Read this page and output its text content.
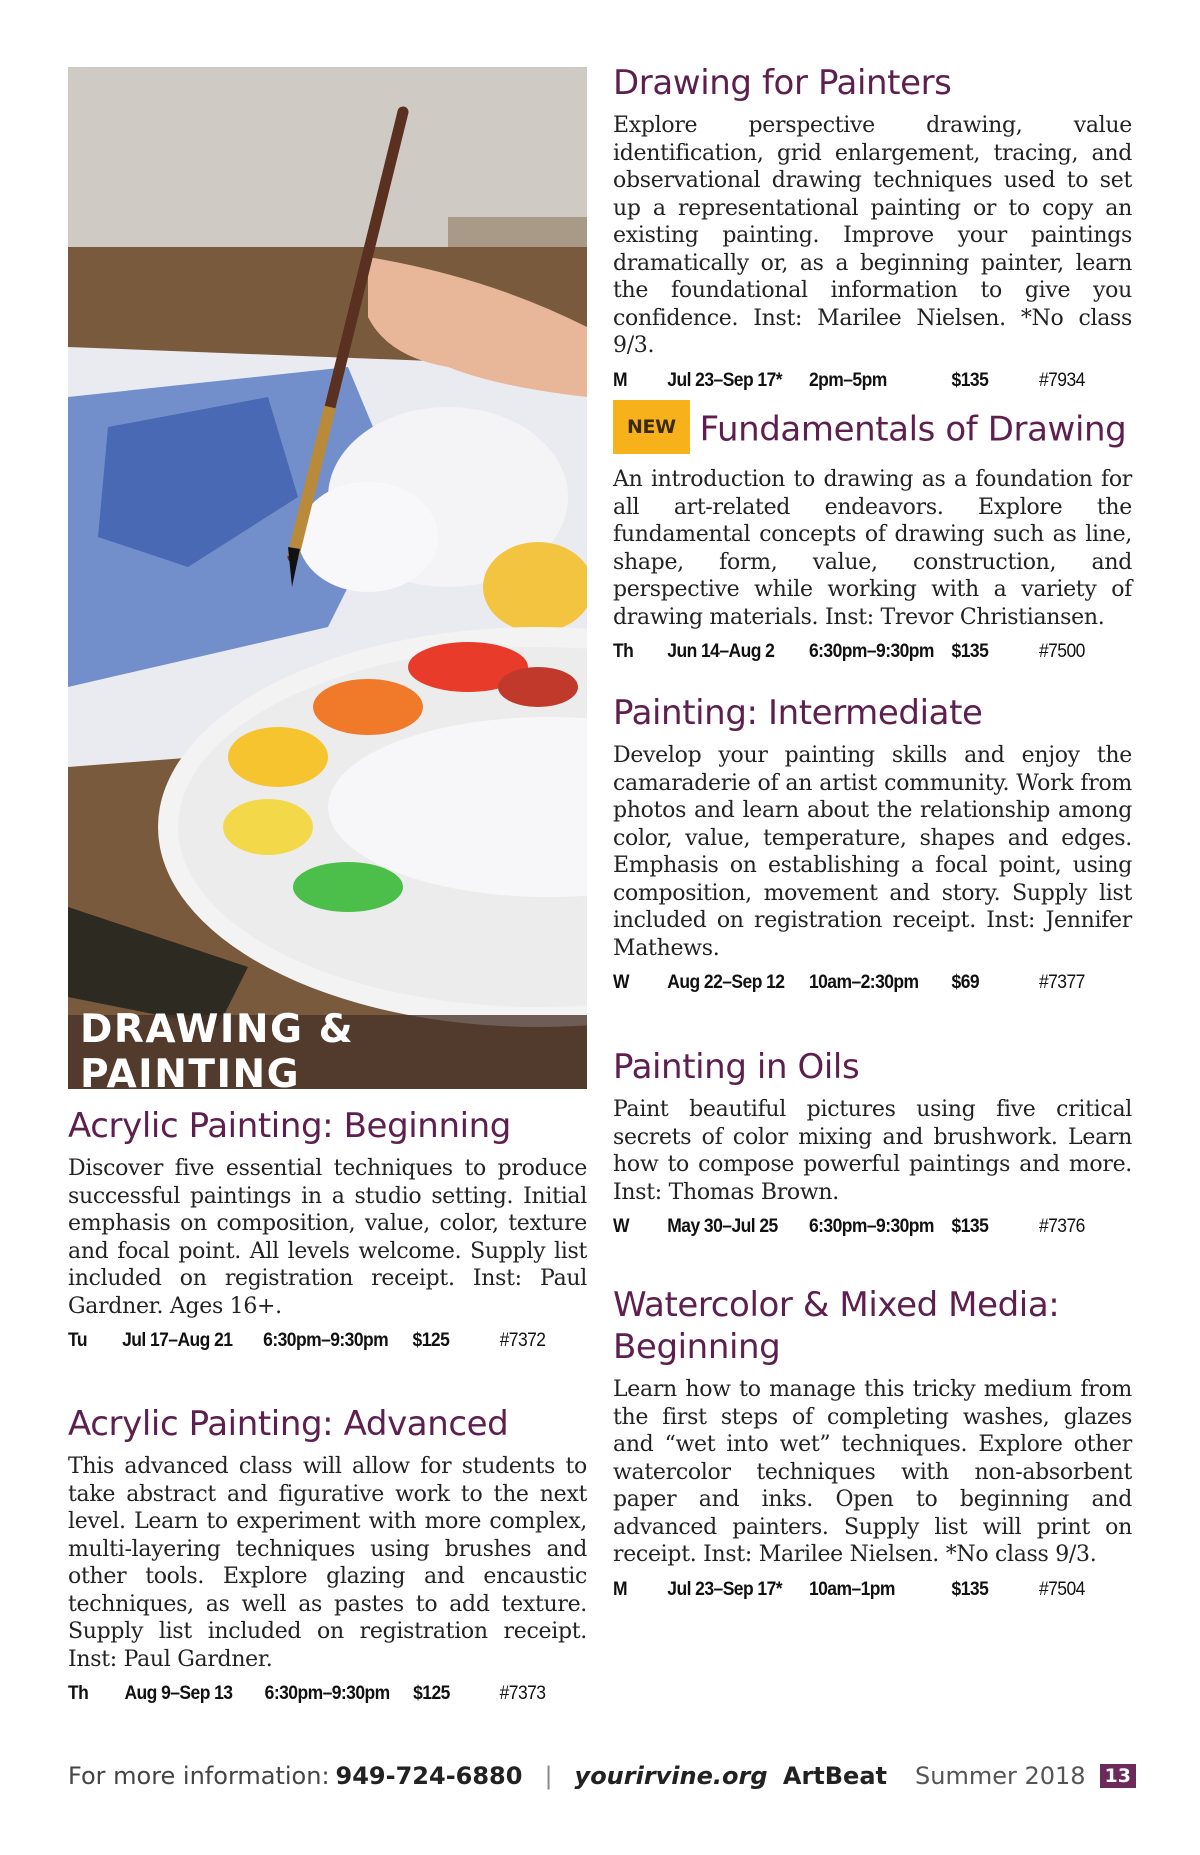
DRAWING & PAINTING
Acrylic Painting: Beginning

Discover five essential techniques to produce successful paintings in a studio setting. Initial emphasis on composition, value, color, texture and focal point. All levels welcome. Supply list included on registration receipt. Inst: Paul Gardner. Ages 16+.

Tu	Jul 17–Aug 21	6:30pm–9:30pm	$125	#7372
Acrylic Painting: Advanced

This advanced class will allow for students to take abstract and figurative work to the next level. Learn to experiment with more complex, multi-layering techniques using brushes and other tools. Explore glazing and encaustic techniques, as well as pastes to add texture. Supply list included on registration receipt. Inst: Paul Gardner.

Th	Aug 9–Sep 13	6:30pm–9:30pm	$125	#7373
Drawing for Painters

Explore perspective drawing, value identification, grid enlargement, tracing, and observational drawing techniques used to set up a representational painting or to copy an existing painting. Improve your paintings dramatically or, as a beginning painter, learn the foundational information to give you confidence. Inst: Marilee Nielsen. *No class 9/3.

M	Jul 23–Sep 17*	2pm–5pm	$135	#7934
NEW Fundamentals of Drawing

An introduction to drawing as a foundation for all art-related endeavors. Explore the fundamental concepts of drawing such as line, shape, form, value, construction, and perspective while working with a variety of drawing materials. Inst: Trevor Christiansen.

Th	Jun 14–Aug 2	6:30pm–9:30pm $135	#7500
Painting: Intermediate

Develop your painting skills and enjoy the camaraderie of an artist community. Work from photos and learn about the relationship among color, value, temperature, shapes and edges. Emphasis on establishing a focal point, using composition, movement and story. Supply list included on registration receipt. Inst: Jennifer Mathews.

W	Aug 22–Sep 12	10am–2:30pm	$69	#7377
Painting in Oils

Paint beautiful pictures using five critical secrets of color mixing and brushwork. Learn how to compose powerful paintings and more. Inst: Thomas Brown.

W	May 30–Jul 25	6:30pm–9:30pm $135	#7376
Watercolor & Mixed Media: Beginning

Learn how to manage this tricky medium from the first steps of completing washes, glazes and “wet into wet” techniques. Explore other watercolor techniques with non-absorbent paper and inks. Open to beginning and advanced painters. Supply list will print on receipt. Inst: Marilee Nielsen. *No class 9/3.

M	Jul 23–Sep 17*	10am–1pm	$135	#7504
For more information: 949-724-6880 | yourirvine.org ArtBeat Summer 2018 13
